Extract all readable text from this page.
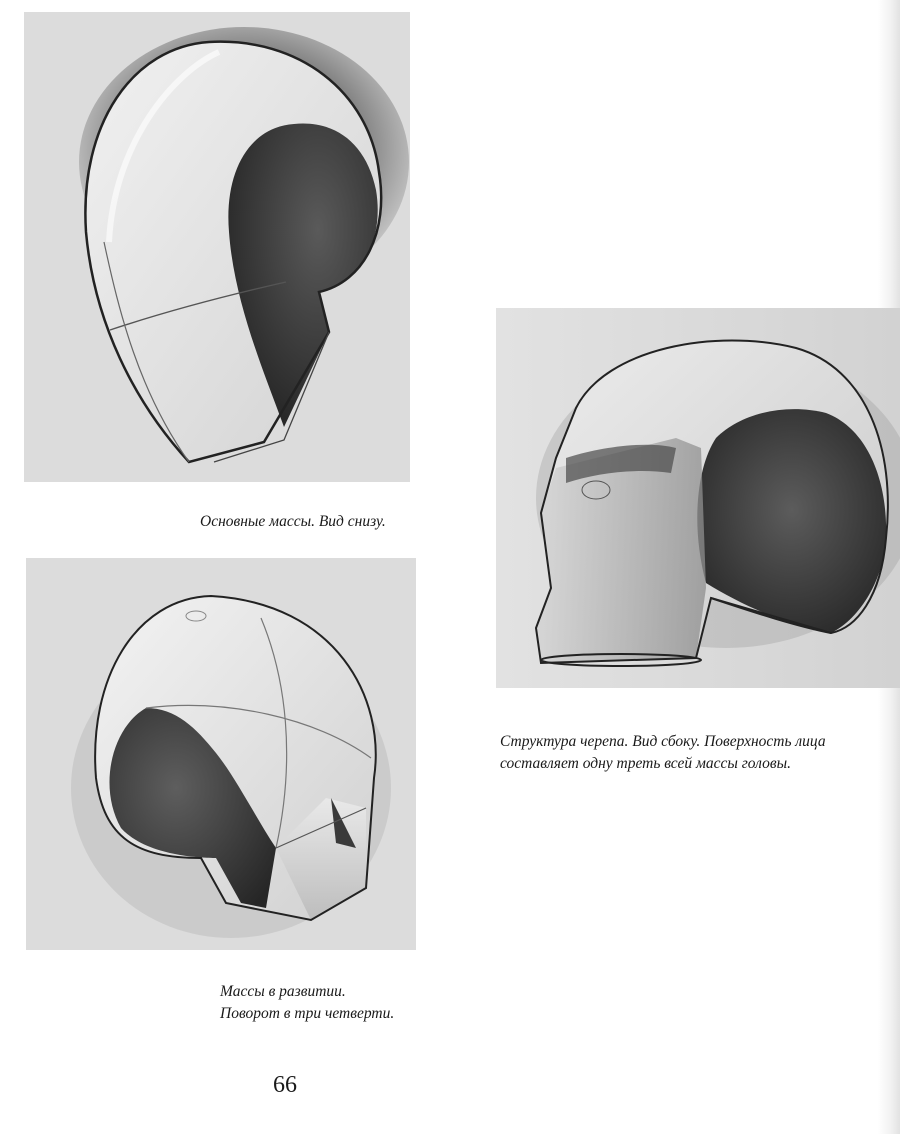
Основные массы. Вид снизу.

Массы в развитии.
Поворот в три четверти.

Структура черепа. Вид сбоку. Поверхность лица
составляет одну треть всей массы головы.

66
